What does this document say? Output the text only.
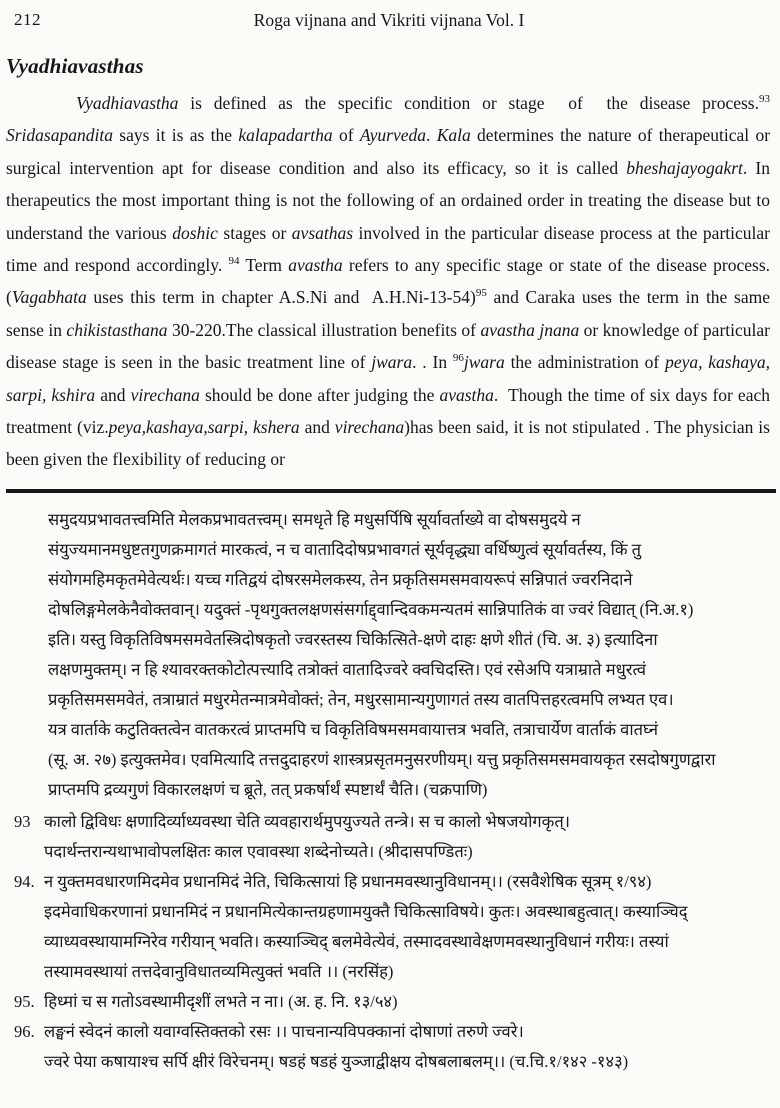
212	Roga vijnana and Vikriti vijnana Vol. I
Vyadhiavasthas

Vyadhiavastha is defined as the specific condition or stage  of  the disease process.$^{93}$ Sridasapandita says it is as the kalapadartha of Ayurveda. Kala determines the nature of therapeutical or surgical intervention apt for disease condition and also its efficacy, so it is called bheshajayogakrt. In therapeutics the most important thing is not the following of an ordained order in treating the disease but to understand the various doshic stages or avsathas involved in the particular disease process at the particular time and respond accordingly. $^{94}$ Term avastha refers to any specific stage or state of the disease process.(Vagabhata uses this term in chapter A.S.Ni and  A.H.Ni-13-54)$^{95}$ and Caraka uses the term in the same sense in chikistasthana 30-220.The classical illustration benefits of avastha jnana or knowledge of particular disease stage is seen in the basic treatment line of jwara. . In $^{96}$jwara the administration of peya, kashaya, sarpi, kshira and virechana should be done after judging the avastha.  Though the time of six days for each treatment (viz.peya,kashaya,sarpi, kshera and virechana)has been said, it is not stipulated . The physician is been given the flexibility of reducing or

समुदयप्रभावतत्त्वमिति मेलकप्रभावतत्त्वम्। समधृते हि मधुसर्पिषि सूर्यावर्ताख्ये वा दोषसमुदये न
संयुज्यमानमधुष्टतगुणक्रमागतं मारकत्वं, न च वातादिदोषप्रभावगतं सूर्यवृद्ध्या वर्धिष्णुत्वं सूर्यावर्तस्य, किं तु
संयोगमहिमकृतमेवेत्यर्थः। यच्च गतिद्वयं दोषरसमेलकस्य, तेन प्रकृतिसमसमवायरूपं सन्निपातं ज्वरनिदाने
दोषलिङ्गमेलकेनैवोक्तवान्। यदुक्तं -पृथगुक्तलक्षणसंसर्गाद्द्वान्दिवकमन्यतमं सान्निपातिकं वा ज्वरं विद्यात् (नि.अ.१)
इति। यस्तु विकृतिविषमसमवेतस्त्रिदोषकृतो ज्वरस्तस्य चिकित्सिते-क्षणे दाहः क्षणे शीतं (चि. अ. ३) इत्यादिना
लक्षणमुक्तम्। न हि श्यावरक्तकोटोत्पत्त्यादि तत्रोक्तं वातादिज्वरे क्वचिदस्ति। एवं रसेअपि यत्राम्राते मधुरत्वं
प्रकृतिसमसमवेतं, तत्राम्रातं मधुरमेतन्मात्रमेवोक्तं; तेन, मधुरसामान्यगुणागतं तस्य वातपित्तहरत्वमपि लभ्यत एव।
यत्र वार्ताके कटुतिक्तत्वेन वातकरत्वं प्राप्तमपि च विकृतिविषमसमवायात्तत्र भवति, तत्राचार्येण वार्ताकं वातघ्नं
(सू. अ. २७) इत्युक्तमेव। एवमित्यादि तत्तदुदाहरणं शास्त्रप्रसृतमनुसरणीयम्। यत्तु प्रकृतिसमसमवायकृत रसदोषगुणद्वारा
प्राप्तमपि द्रव्यगुणं विकारलक्षणं च ब्रूते, तत् प्रकर्षार्थं स्पष्टार्थं चैति। (चक्रपाणि)
93 कालो द्विविधः क्षणादिर्व्याध्यवस्था चेति व्यवहारार्थमुपयुज्यते तन्त्रे। स च कालो भेषजयोगकृत्।
पदार्थन्तरान्यथाभावोपलक्षितः काल एवावस्था शब्देनोच्यते। (श्रीदासपण्डितः)
94. न युक्तमवधारणमिदमेव प्रधानमिदं नेति, चिकित्सायां हि प्रधानमवस्थानुविधानम्।। (रसवैशेषिक सूत्रम् १/९४)
इदमेवाधिकरणानां प्रधानमिदं न प्रधानमित्येकान्तग्रहणामयुक्तै चिकित्साविषये। कुतः। अवस्थाबहुत्वात्। कस्याञ्चिद्
व्याध्यवस्थायामग्निरेव गरीयान् भवति। कस्याञ्चिद् बलमेवेत्येवं, तस्मादवस्थावेक्षणमवस्थानुविधानं गरीयः। तस्यां
तस्यामवस्थायां तत्तदेवानुविधातव्यमित्युक्तं भवति ।। (नरसिंह)
95. हिध्मां च स गतोऽवस्थामीदृशीं लभते न ना। (अ. ह. नि. १३/५४)
96. लङ्घनं स्वेदनं कालो यवाग्वस्तिक्तको रसः ।। पाचनान्यविपक्कानां दोषाणां तरुणे ज्वरे।
ज्वरे पेया कषायाश्च सर्पि क्षीरं विरेचनम्। षडहं षडहं युञ्जाद्वीक्षय दोषबलाबलम्।। (च.चि.१/१४२ -१४३)
